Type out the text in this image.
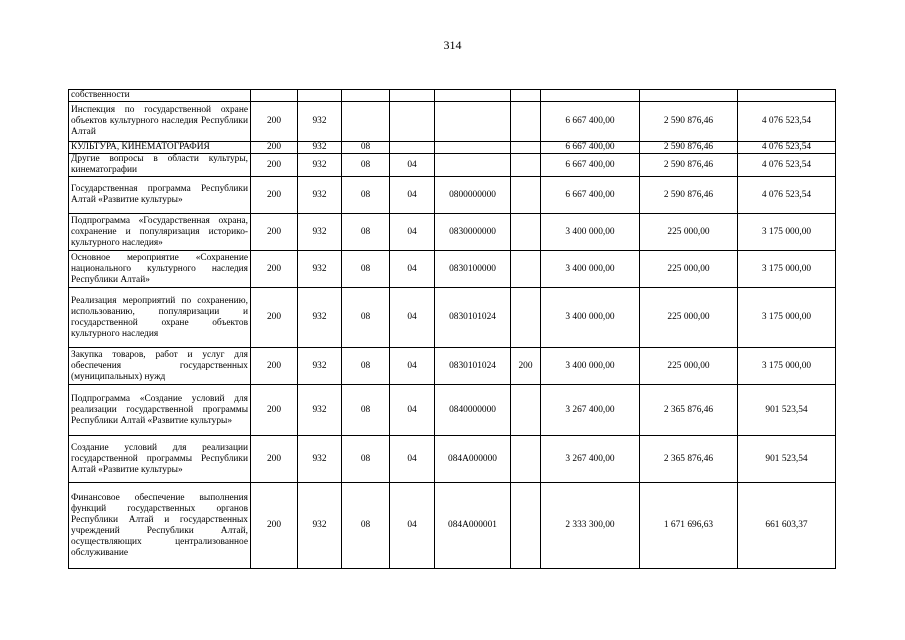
314
собственности									
Инспекция по государственной охране объектов культурного наследия Республики Алтай	200	932					6 667 400,00	2 590 876,46	4 076 523,54
КУЛЬТУРА, КИНЕМАТОГРАФИЯ	200	932	08				6 667 400,00	2 590 876,46	4 076 523,54
Другие вопросы в области культуры, кинематографии	200	932	08	04			6 667 400,00	2 590 876,46	4 076 523,54
Государственная программа Республики Алтай «Развитие культуры»	200	932	08	04	0800000000		6 667 400,00	2 590 876,46	4 076 523,54
Подпрограмма «Государственная охрана, сохранение и популяризация историко-культурного наследия»	200	932	08	04	0830000000		3 400 000,00	225 000,00	3 175 000,00
Основное мероприятие «Сохранение национального культурного наследия Республики Алтай»	200	932	08	04	0830100000		3 400 000,00	225 000,00	3 175 000,00
Реализация мероприятий по сохранению, использованию, популяризации и государственной охране объектов культурного наследия	200	932	08	04	0830101024		3 400 000,00	225 000,00	3 175 000,00
Закупка товаров, работ и услуг для обеспечения государственных (муниципальных) нужд	200	932	08	04	0830101024	200	3 400 000,00	225 000,00	3 175 000,00
Подпрограмма «Создание условий для реализации государственной программы Республики Алтай «Развитие культуры»	200	932	08	04	0840000000		3 267 400,00	2 365 876,46	901 523,54
Создание условий для реализации государственной программы Республики Алтай «Развитие культуры»	200	932	08	04	084A000000		3 267 400,00	2 365 876,46	901 523,54
Финансовое обеспечение выполнения функций государственных органов Республики Алтай и государственных учреждений Республики Алтай, осуществляющих централизованное обслуживание	200	932	08	04	084A000001		2 333 300,00	1 671 696,63	661 603,37
